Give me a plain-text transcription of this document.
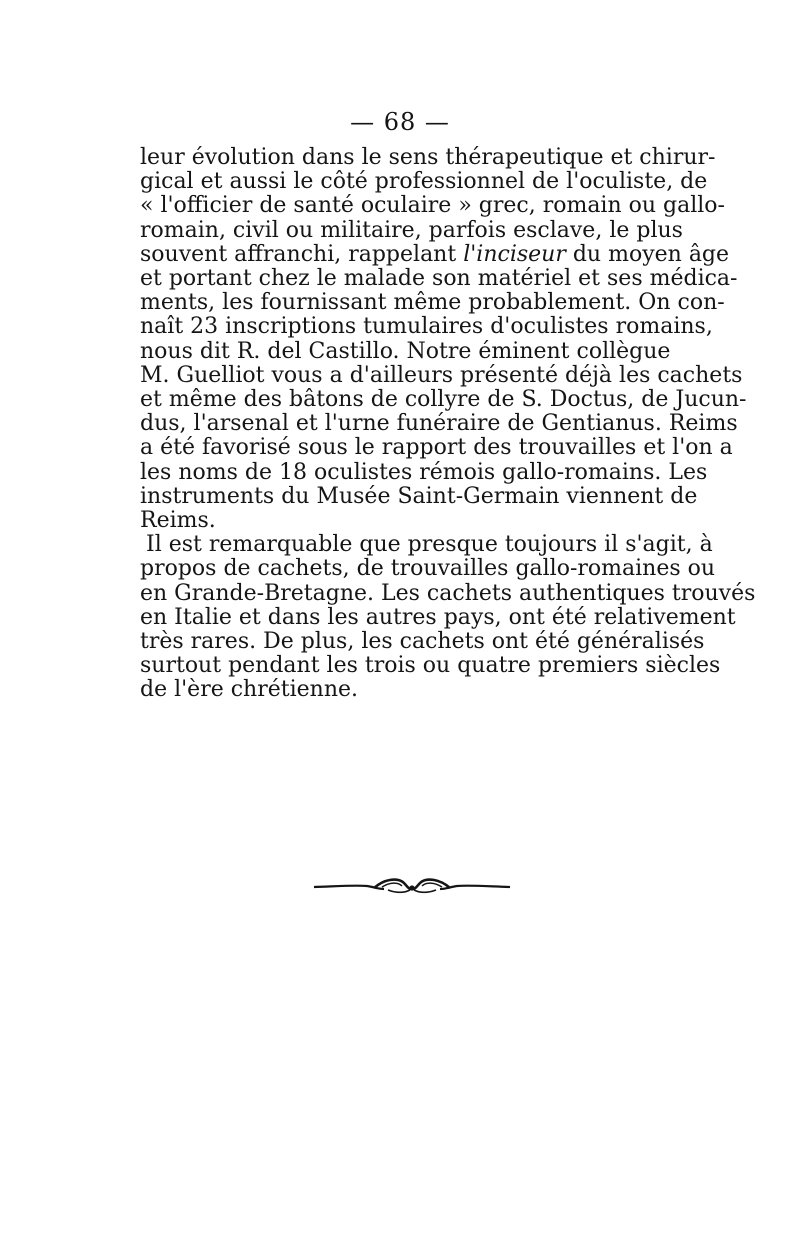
— 68 —
leur évolution dans le sens thérapeutique et chirur-
gical et aussi le côté professionnel de l'oculiste, de
« l'officier de santé oculaire » grec, romain ou gallo-
romain, civil ou militaire, parfois esclave, le plus
souvent affranchi, rappelant l'inciseur du moyen âge
et portant chez le malade son matériel et ses médica-
ments, les fournissant même probablement. On con-
naît 23 inscriptions tumulaires d'oculistes romains,
nous dit R. del Castillo. Notre éminent collègue
M. Guelliot vous a d'ailleurs présenté déjà les cachets
et même des bâtons de collyre de S. Doctus, de Jucun-
dus, l'arsenal et l'urne funéraire de Gentianus. Reims
a été favorisé sous le rapport des trouvailles et l'on a
les noms de 18 oculistes rémois gallo-romains. Les
instruments du Musée Saint-Germain viennent de
Reims.
Il est remarquable que presque toujours il s'agit, à
propos de cachets, de trouvailles gallo-romaines ou
en Grande-Bretagne. Les cachets authentiques trouvés
en Italie et dans les autres pays, ont été relativement
très rares. De plus, les cachets ont été généralisés
surtout pendant les trois ou quatre premiers siècles
de l'ère chrétienne.
